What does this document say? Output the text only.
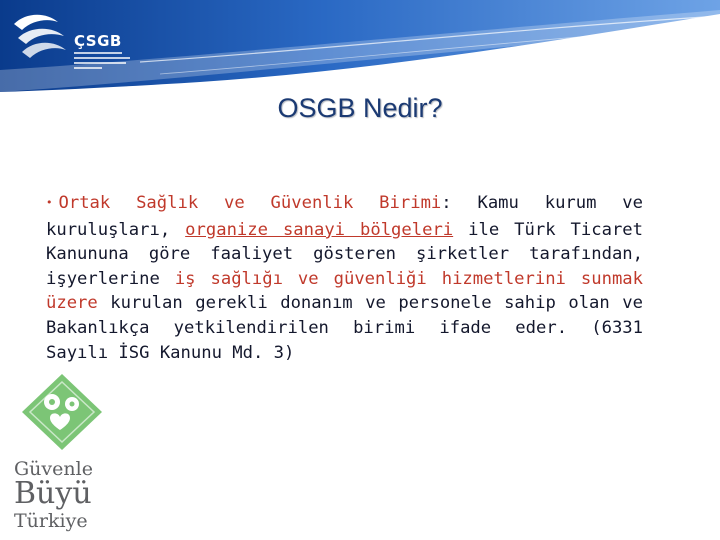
ÇSGB
OSGB Nedir?
• Ortak Sağlık ve Güvenlik Birimi: Kamu kurum ve kuruluşları, organize sanayi bölgeleri ile Türk Ticaret Kanununa göre faaliyet gösteren şirketler tarafından, işyerlerine iş sağlığı ve güvenliği hizmetlerini sunmak üzere kurulan gerekli donanım ve personele sahip olan ve Bakanlıkça yetkilendirilen birimi ifade eder. (6331 Sayılı İSG Kanunu Md. 3)
Güvenle
Büyü
Türkiye
